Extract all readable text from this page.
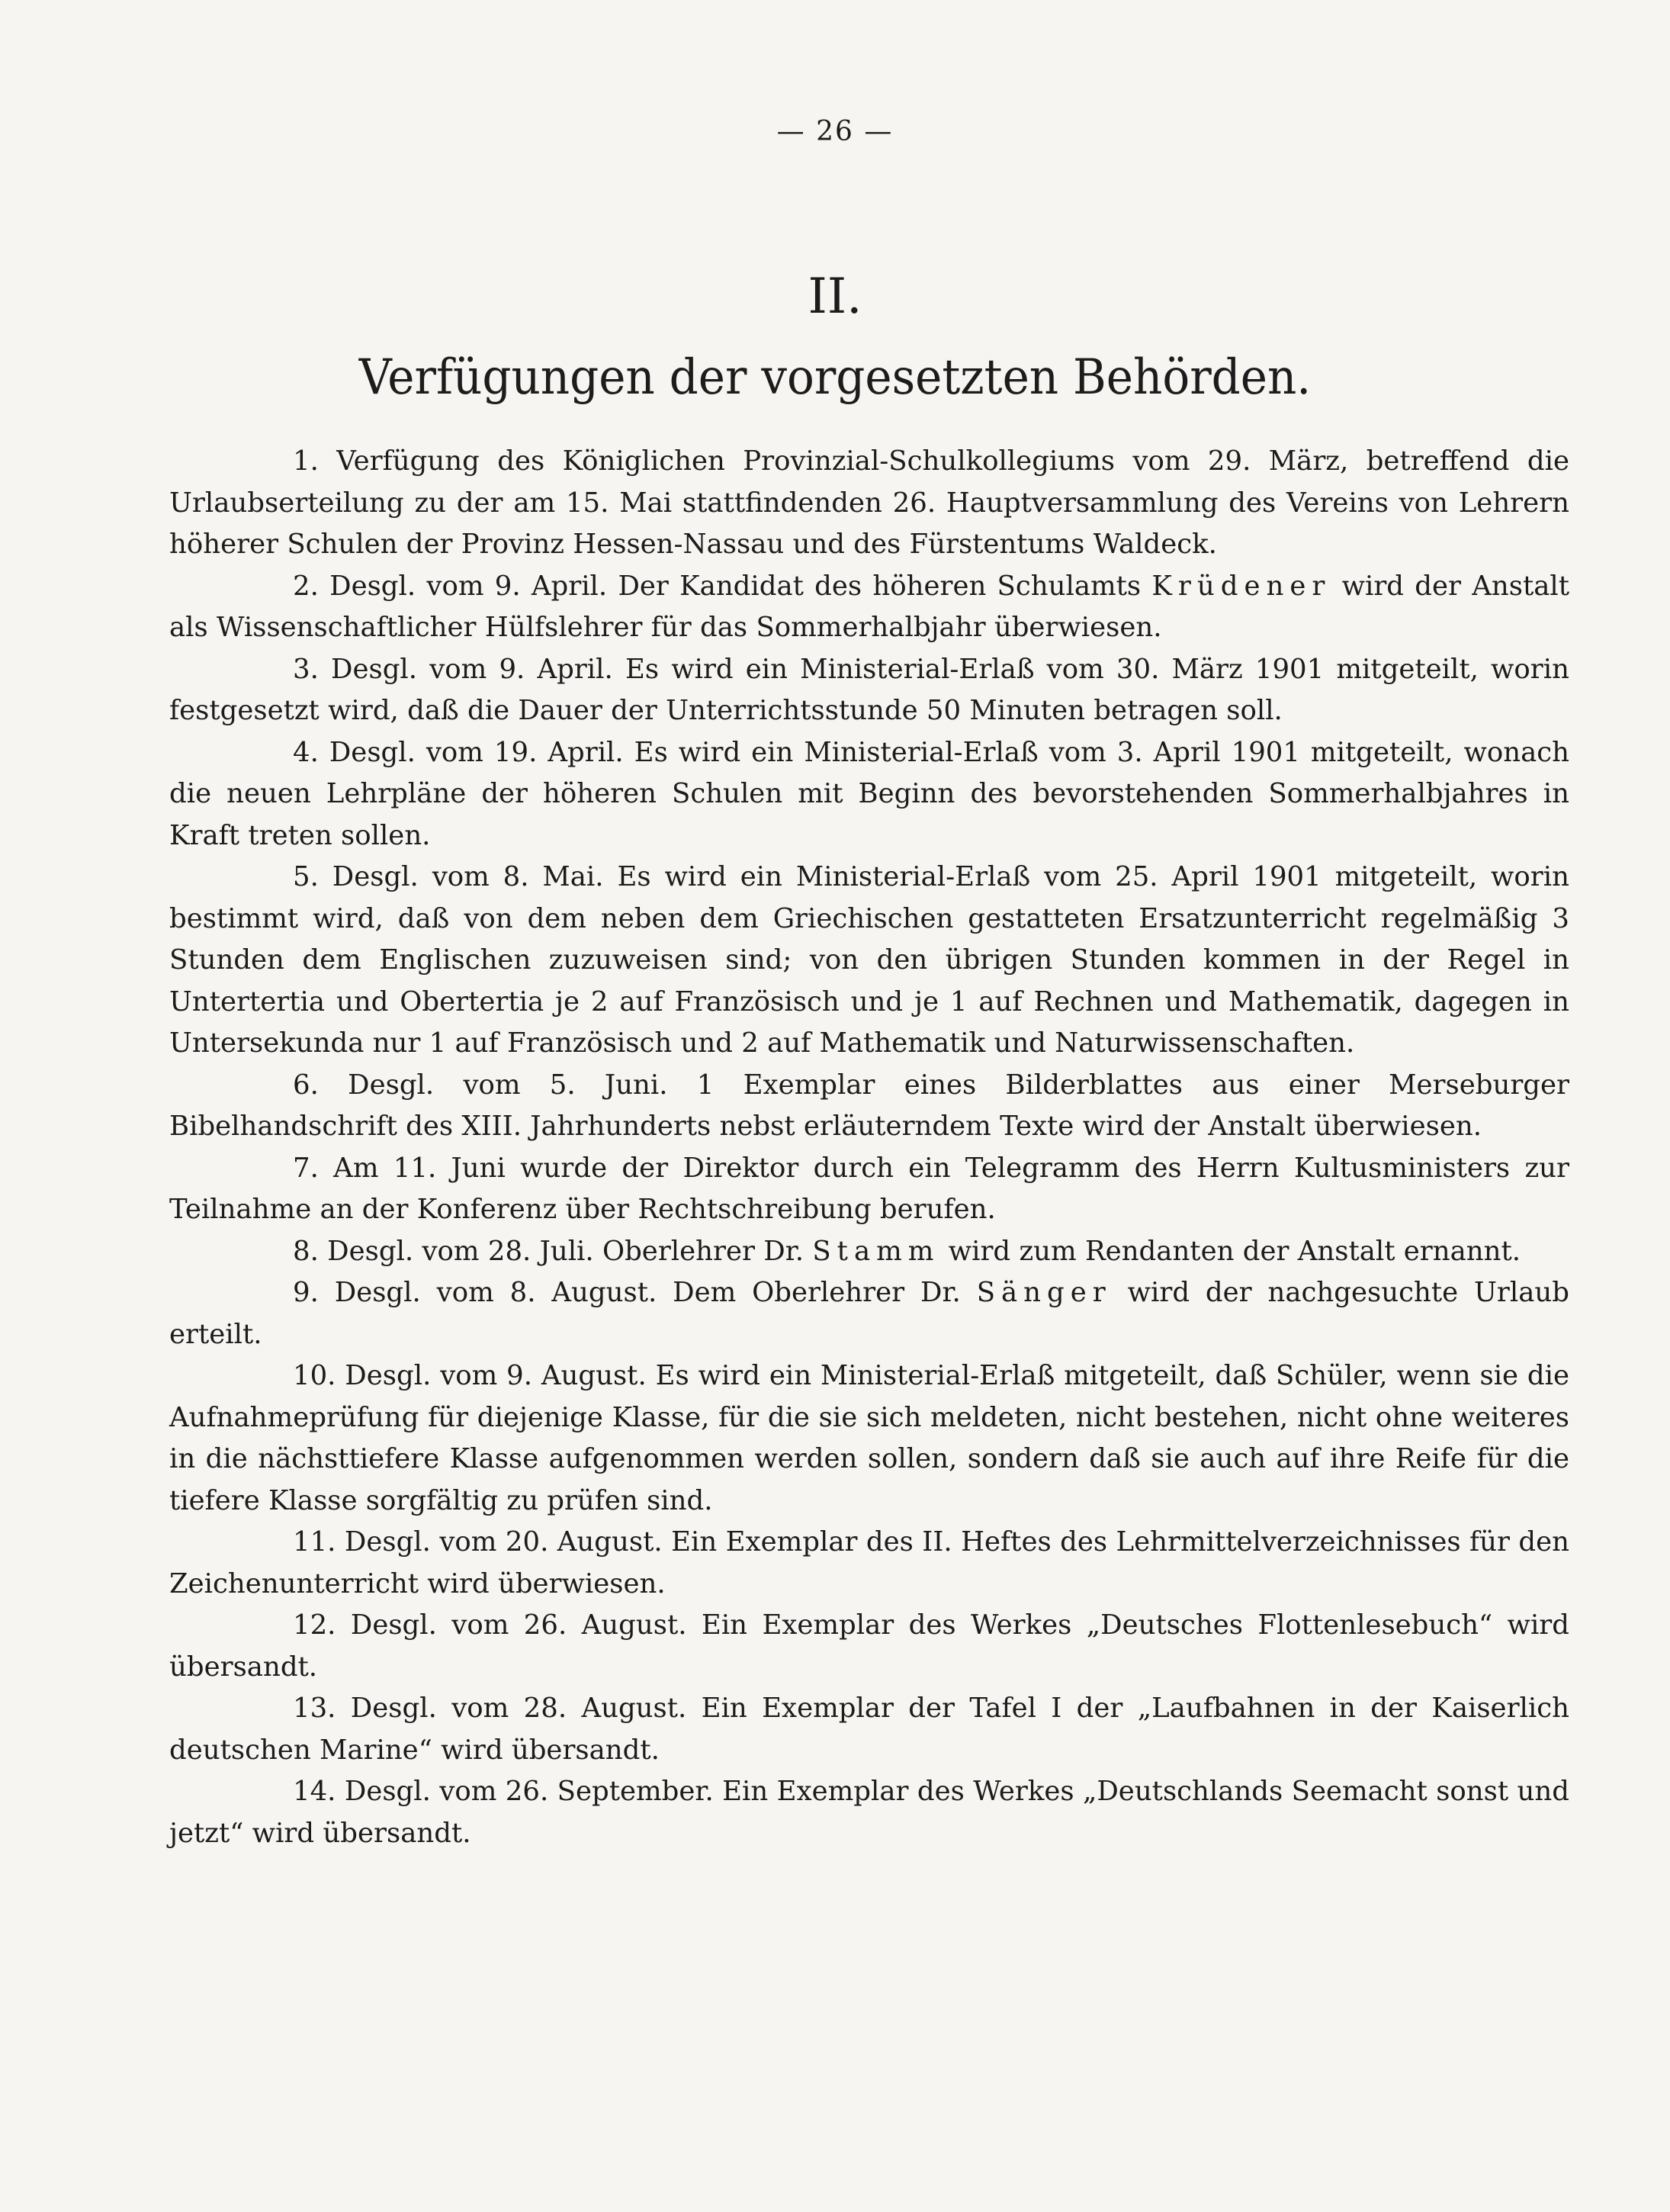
— 26 —
II.
Verfügungen der vorgesetzten Behörden.

1. Verfügung des Königlichen Provinzial-Schulkollegiums vom 29. März, betreffend die Urlaubserteilung zu der am 15. Mai stattfindenden 26. Hauptversammlung des Vereins von Lehrern höherer Schulen der Provinz Hessen-Nassau und des Fürstentums Waldeck.

2. Desgl. vom 9. April. Der Kandidat des höheren Schulamts Krüdener wird der Anstalt als Wissenschaftlicher Hülfslehrer für das Sommerhalbjahr überwiesen.

3. Desgl. vom 9. April. Es wird ein Ministerial-Erlaß vom 30. März 1901 mitgeteilt, worin festgesetzt wird, daß die Dauer der Unterrichtsstunde 50 Minuten betragen soll.

4. Desgl. vom 19. April. Es wird ein Ministerial-Erlaß vom 3. April 1901 mitgeteilt, wonach die neuen Lehrpläne der höheren Schulen mit Beginn des bevorstehenden Sommerhalbjahres in Kraft treten sollen.

5. Desgl. vom 8. Mai. Es wird ein Ministerial-Erlaß vom 25. April 1901 mitgeteilt, worin bestimmt wird, daß von dem neben dem Griechischen gestatteten Ersatzunterricht regelmäßig 3 Stunden dem Englischen zuzuweisen sind; von den übrigen Stunden kommen in der Regel in Untertertia und Obertertia je 2 auf Französisch und je 1 auf Rechnen und Mathematik, dagegen in Untersekunda nur 1 auf Französisch und 2 auf Mathematik und Naturwissenschaften.

6. Desgl. vom 5. Juni. 1 Exemplar eines Bilderblattes aus einer Merseburger Bibelhandschrift des XIII. Jahrhunderts nebst erläuterndem Texte wird der Anstalt überwiesen.

7. Am 11. Juni wurde der Direktor durch ein Telegramm des Herrn Kultusministers zur Teilnahme an der Konferenz über Rechtschreibung berufen.

8. Desgl. vom 28. Juli. Oberlehrer Dr. Stamm wird zum Rendanten der Anstalt ernannt.

9. Desgl. vom 8. August. Dem Oberlehrer Dr. Sänger wird der nachgesuchte Urlaub erteilt.

10. Desgl. vom 9. August. Es wird ein Ministerial-Erlaß mitgeteilt, daß Schüler, wenn sie die Aufnahmeprüfung für diejenige Klasse, für die sie sich meldeten, nicht bestehen, nicht ohne weiteres in die nächsttiefere Klasse aufgenommen werden sollen, sondern daß sie auch auf ihre Reife für die tiefere Klasse sorgfältig zu prüfen sind.

11. Desgl. vom 20. August. Ein Exemplar des II. Heftes des Lehrmittelverzeichnisses für den Zeichenunterricht wird überwiesen.

12. Desgl. vom 26. August. Ein Exemplar des Werkes „Deutsches Flottenlesebuch“ wird übersandt.

13. Desgl. vom 28. August. Ein Exemplar der Tafel I der „Laufbahnen in der Kaiserlich deutschen Marine“ wird übersandt.

14. Desgl. vom 26. September. Ein Exemplar des Werkes „Deutschlands Seemacht sonst und jetzt“ wird übersandt.
